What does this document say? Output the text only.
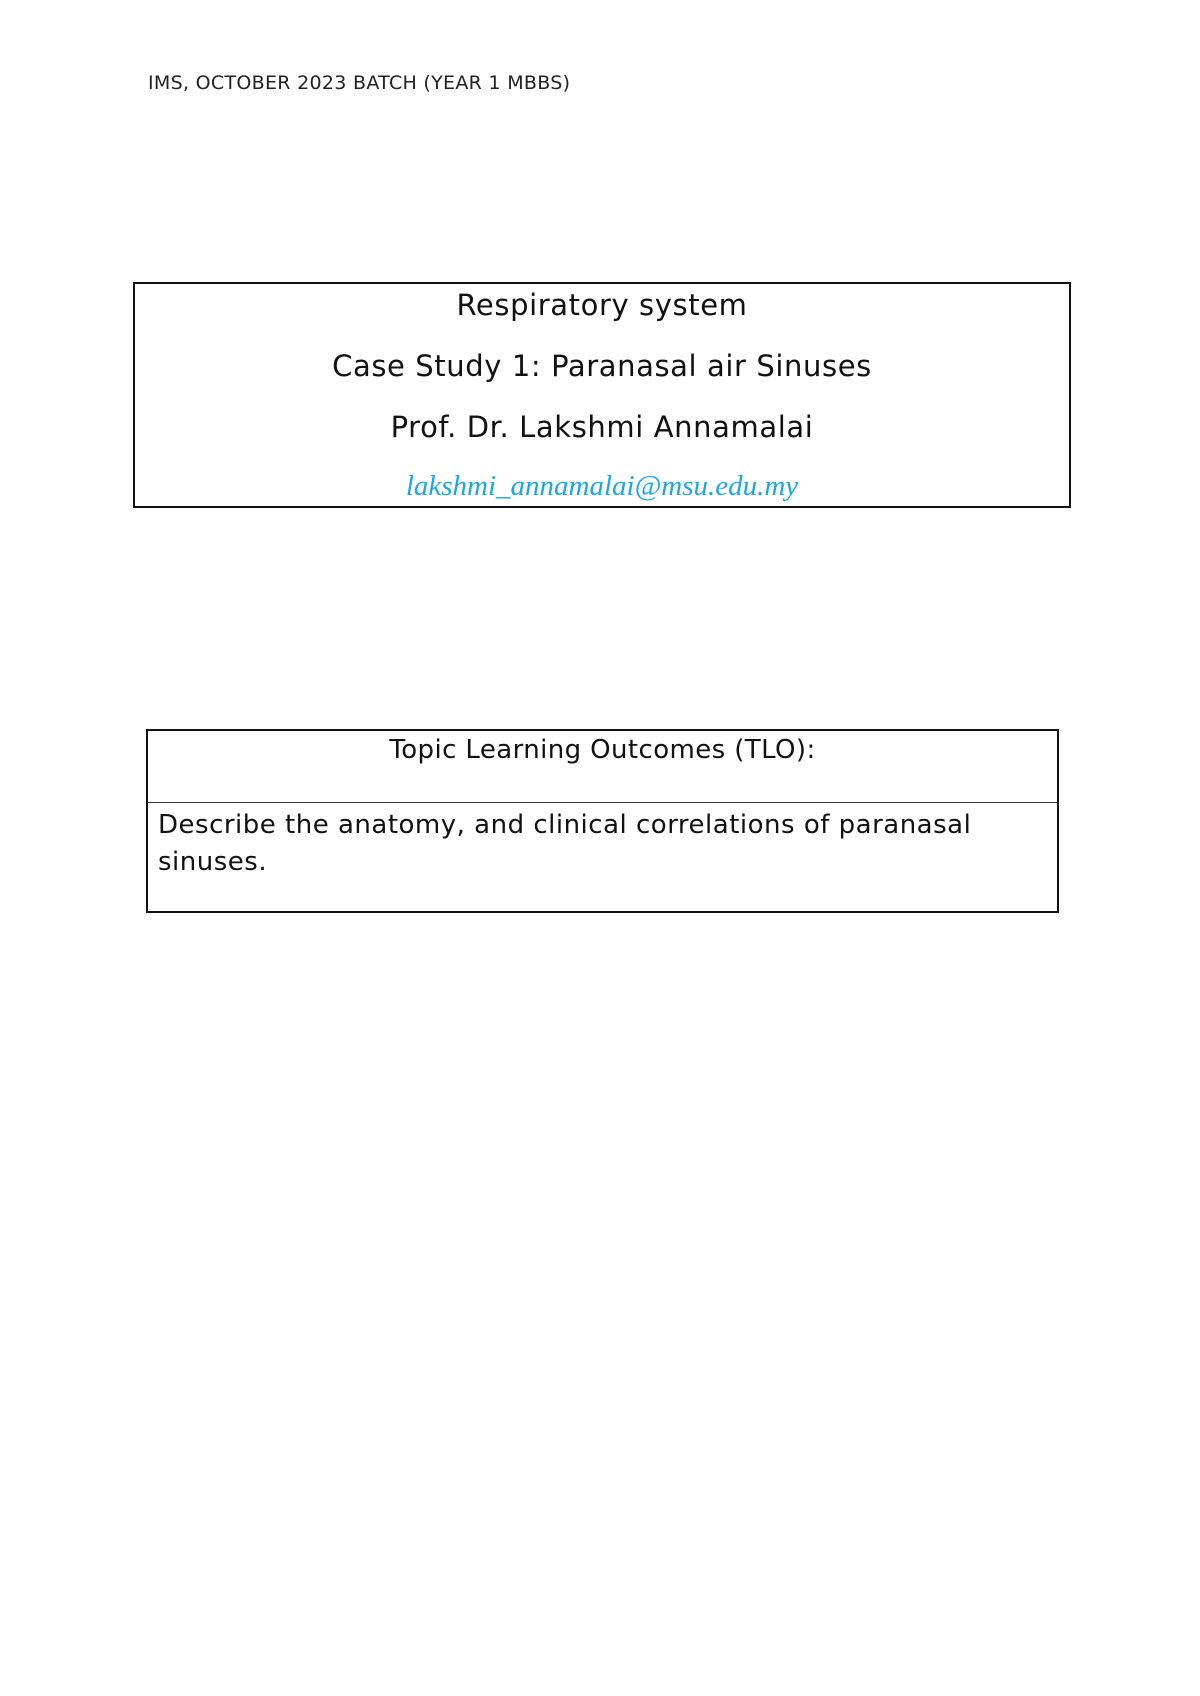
IMS, OCTOBER 2023 BATCH (YEAR 1 MBBS)
Respiratory system
Case Study 1: Paranasal air Sinuses
Prof. Dr. Lakshmi Annamalai
lakshmi_annamalai@msu.edu.my
Topic Learning Outcomes (TLO):
Describe the anatomy, and clinical correlations of paranasal sinuses.
